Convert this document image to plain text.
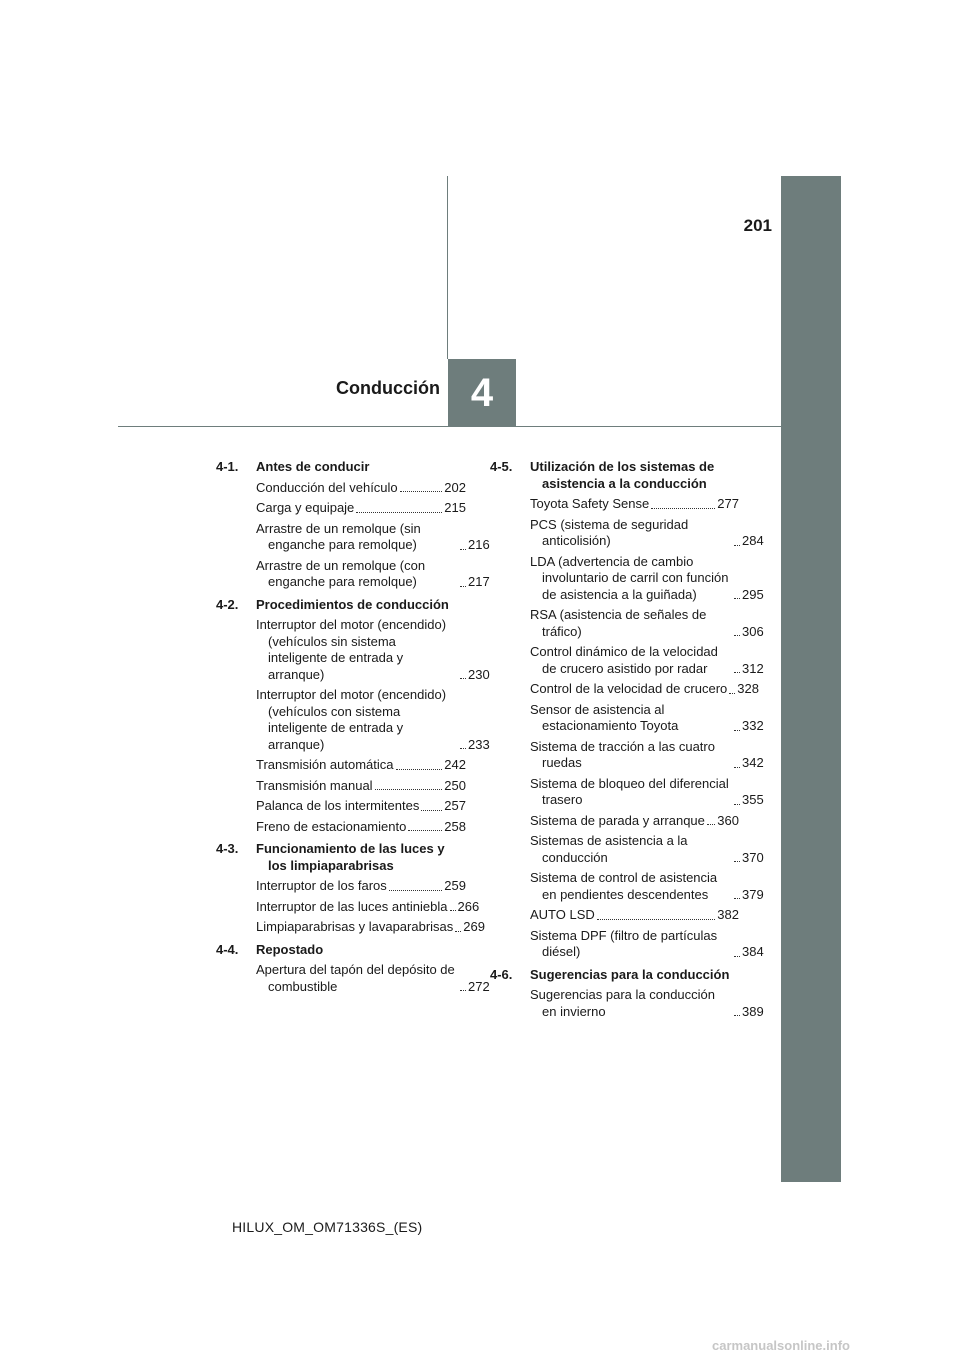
201
Conducción 4
4-1.	Antes de conducir
Conducción del vehículo	202
Carga y equipaje	215
Arrastre de un remolque (sin enganche para remolque)	216
Arrastre de un remolque (con enganche para remolque)	217
4-2.	Procedimientos de conducción
Interruptor del motor (encendido) (vehículos sin sistema inteligente de entrada y arranque)	230
Interruptor del motor (encendido) (vehículos con sistema inteligente de entrada y arranque)	233
Transmisión automática	242
Transmisión manual	250
Palanca de los intermitentes 257
Freno de estacionamiento	258
4-3.	Funcionamiento de las luces y los limpiaparabrisas
Interruptor de los faros	259
Interruptor de las luces antiniebla 266
Limpiaparabrisas y lavaparabrisas 269
4-4.	Repostado
Apertura del tapón del depósito de combustible	272
4-5.	Utilización de los sistemas de asistencia a la conducción
Toyota Safety Sense	277
PCS (sistema de seguridad anticolisión)	284
LDA (advertencia de cambio involuntario de carril con función de asistencia a la guiñada)	295
RSA (asistencia de señales de tráfico)	306
Control dinámico de la velocidad de crucero asistido por radar	312
Control de la velocidad de crucero 328
Sensor de asistencia al estacionamiento Toyota	332
Sistema de tracción a las cuatro ruedas	342
Sistema de bloqueo del diferencial trasero	355
Sistema de parada y arranque 360
Sistemas de asistencia a la conducción	370
Sistema de control de asistencia en pendientes descendentes	379
AUTO LSD	382
Sistema DPF (filtro de partículas diésel)	384
4-6.	Sugerencias para la conducción
Sugerencias para la conducción en invierno	389
HILUX_OM_OM71336S_(ES)
carmanualsonline.info
